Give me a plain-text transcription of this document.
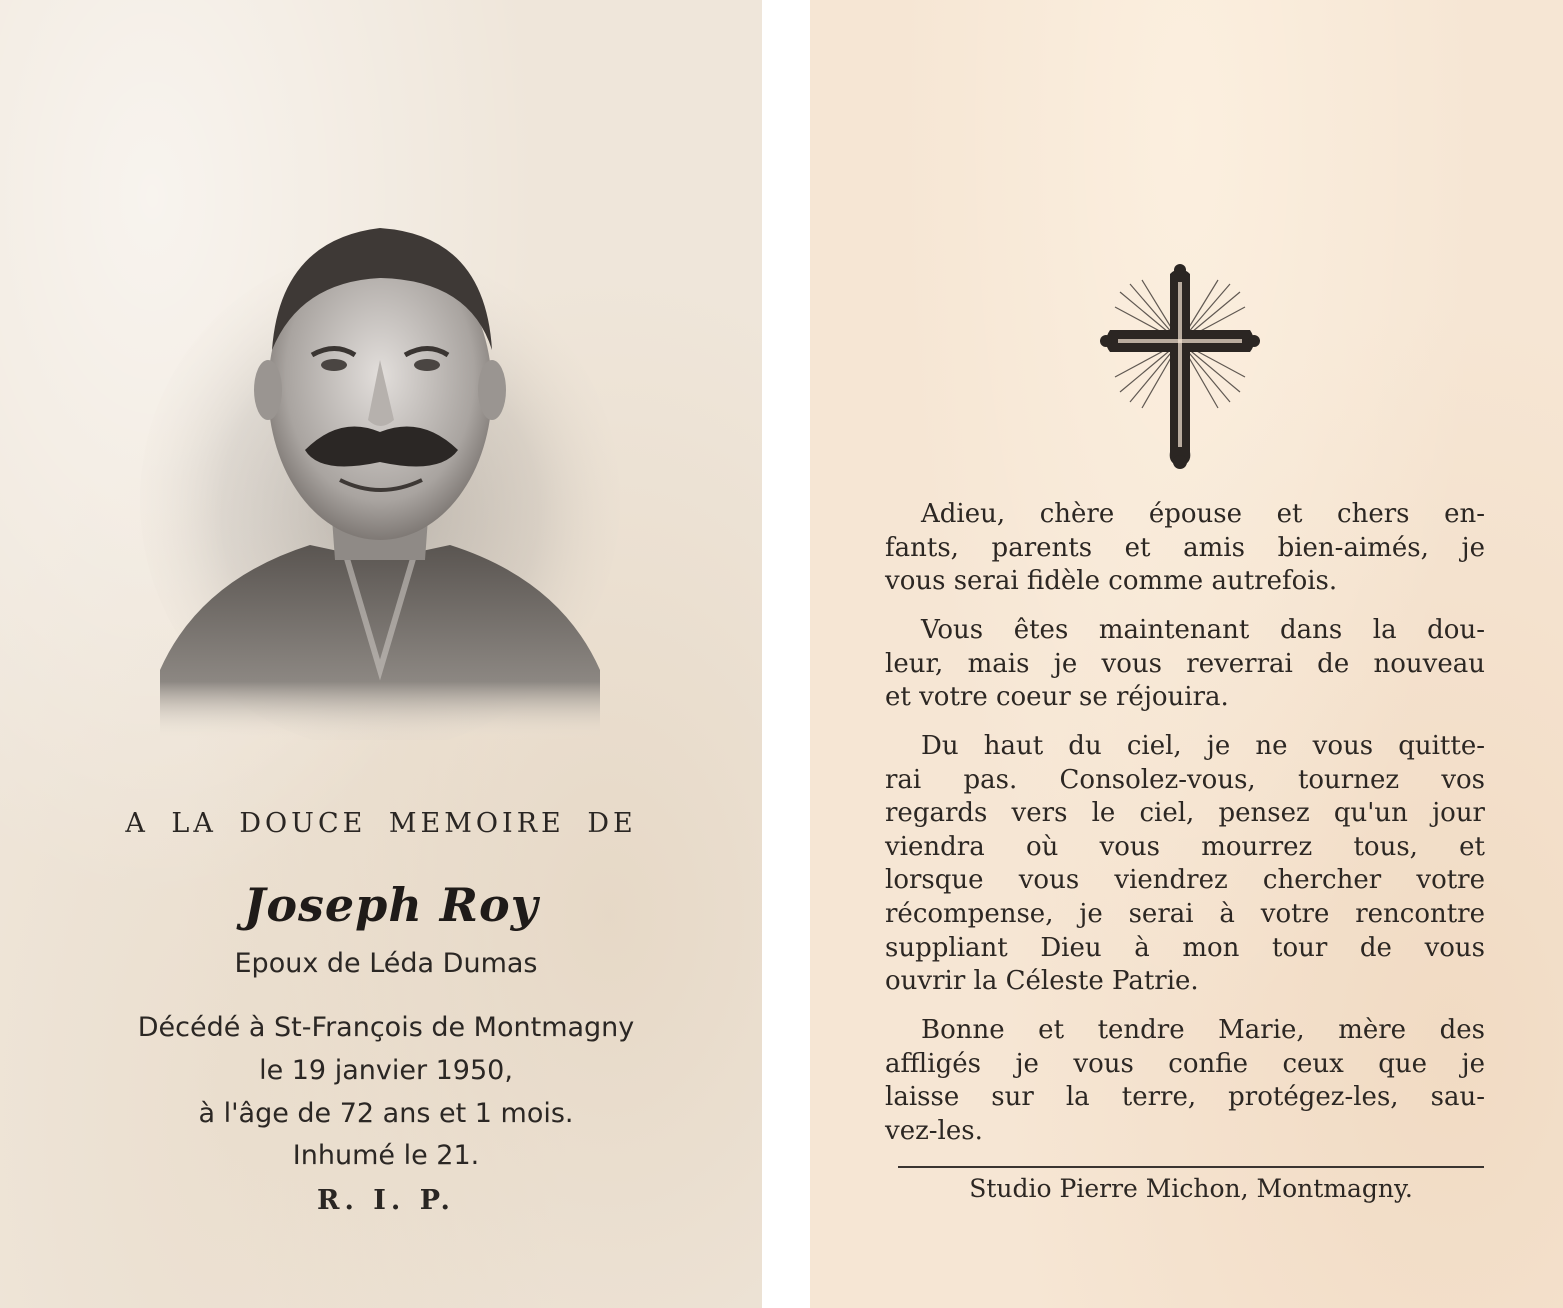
A LA DOUCE MEMOIRE DE
Joseph Roy
Epoux de Léda Dumas
Décédé à St-François de Montmagny
le 19 janvier 1950,
à l'âge de 72 ans et 1 mois.
Inhumé le 21.
R. I. P.
Adieu, chère épouse et chers en-
fants, parents et amis bien-aimés, je
vous serai fidèle comme autrefois.
Vous êtes maintenant dans la dou-
leur, mais je vous reverrai de nouveau
et votre coeur se réjouira.
Du haut du ciel, je ne vous quitte-
rai pas. Consolez-vous, tournez vos
regards vers le ciel, pensez qu'un jour
viendra où vous mourrez tous, et
lorsque vous viendrez chercher votre
récompense, je serai à votre rencontre
suppliant Dieu à mon tour de vous
ouvrir la Céleste Patrie.
Bonne et tendre Marie, mère des
affligés je vous confie ceux que je
laisse sur la terre, protégez-les, sau-
vez-les.
Studio Pierre Michon, Montmagny.
